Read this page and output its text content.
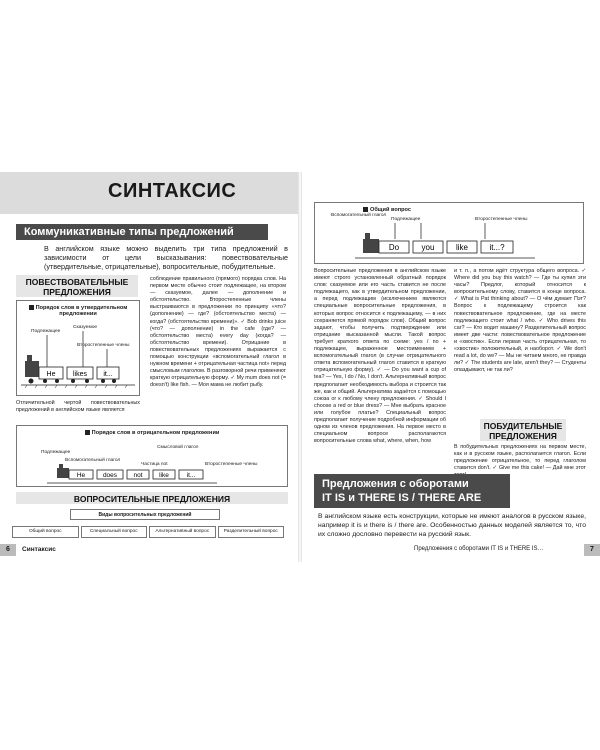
СИНТАКСИС
Коммуникативные типы предложений
В английском языке можно выделить три типа предложений в зависимости от цели высказывания: повествовательные (утвердительные, отрицательные), вопросительные, побудительные.
ПОВЕСТВОВАТЕЛЬНЫЕ ПРЕДЛОЖЕНИЯ
Порядок слов в утвердительном предложении
Подлежащее
Сказуемое
Второстепенные члены
He	likes it...
Отличительной чертой повествовательных предложений в английском языке является
соблюдение правильного (прямого) порядка слов. На первом месте обычно стоит подлежащее, на втором — сказуемое, далее — дополнение и обстоятельство. Второстепенные члены выстраиваются в предложении по принципу «что? (дополнение) — где? (обстоятельство места) — когда? (обстоятельство времени)». ✓ Bob drinks juice (что? — дополнение) in the cafe (где? — обстоятельство места) every day (когда? — обстоятельство времени). Отрицание в повествовательных предложениях выражается с помощью конструкции «вспомогательный глагол в нужном времени + отрицательная частица not» перед смысловым глаголом. В разговорной речи применяют краткую отрицательную форму. ✓ My mum does not (= doesn't) like fish. — Моя мама не любит рыбу.
Порядок слов в отрицательном предложении
Подлежащее
Вспомогательный глагол
Смысловой глагол
Частица not	Второстепенные члены
He	does	not	like	it...
ВОПРОСИТЕЛЬНЫЕ ПРЕДЛОЖЕНИЯ
Виды вопросительных предложений
Общий вопрос	Специальный вопрос	Альтернативный вопрос	Разделительный вопрос
6	Синтаксис
Общий вопрос
Вспомогательный глагол
Подлежащее	Второстепенные члены
Do	you	like	it...?
Вопросительные предложения в английском языке имеют строго установленный обратный порядок слов: сказуемое или его часть ставится не после подлежащего, как в утвердительном предложении, а перед подлежащим (исключением являются специальные вопросительные предложения, в которых вопрос относится к подлежащему, — в них сохраняется прямой порядок слов). Общий вопрос задают, чтобы получить подтверждение или отрицание высказанной мысли. Такой вопрос требует краткого ответа по схеме: yes / no + подлежащее, выраженное местоимением + вспомогательный глагол (в случае отрицательного ответа вспомогательный глагол ставится в краткую отрицательную форму). ✓ — Do you want a cup of tea? — Yes, I do / No, I don't. Альтернативный вопрос предполагает необходимость выбора и строится так же, как и общий. Альтернатива задаётся с помощью союза or к любому члену предложения. ✓ Should I choose a red or blue dress? — Мне выбрать красное или голубое платье? Специальный вопрос предполагает получение подробной информации об одном из членов предложения. На первое место в специальном вопросе располагаются вопросительные слова what, where, when, how
и т. п., а потом идёт структура общего вопроса. ✓ Where did you buy this watch? — Где ты купил эти часы? Предлог, который относится к вопросительному слову, ставится в конце вопроса. ✓ What is Pat thinking about? — О чём думает Пэт? Вопрос к подлежащему строится как повествовательное предложение, где на месте подлежащего стоит what / who. ✓ Who drives this car? — Кто водит машину? Разделительный вопрос имеет две части: повествовательное предложение и «хвостик». Если первая часть отрицательная, то «хвостик» положительный, и наоборот. ✓ We don't read a lot, do we? — Мы не читаем много, не правда ли? ✓ The students are late, aren't they? — Студенты опаздывают, не так ли?
ПОБУДИТЕЛЬНЫЕ ПРЕДЛОЖЕНИЯ
В побудительных предложениях на первом месте, как и в русском языке, располагается глагол. Если предложение отрицательное, то перед глаголом ставится don't. ✓ Give me this cake! — Дай мне этот
Предложения с оборотами
IT IS и THERE IS / THERE ARE
В английском языке есть конструкции, которые не имеют аналогов в русском языке, например it is и there is / there are. Особенностью данных моделей является то, что их сложно дословно перевести на русский язык.
Предложения с оборотами IT IS и THERE IS…	7
